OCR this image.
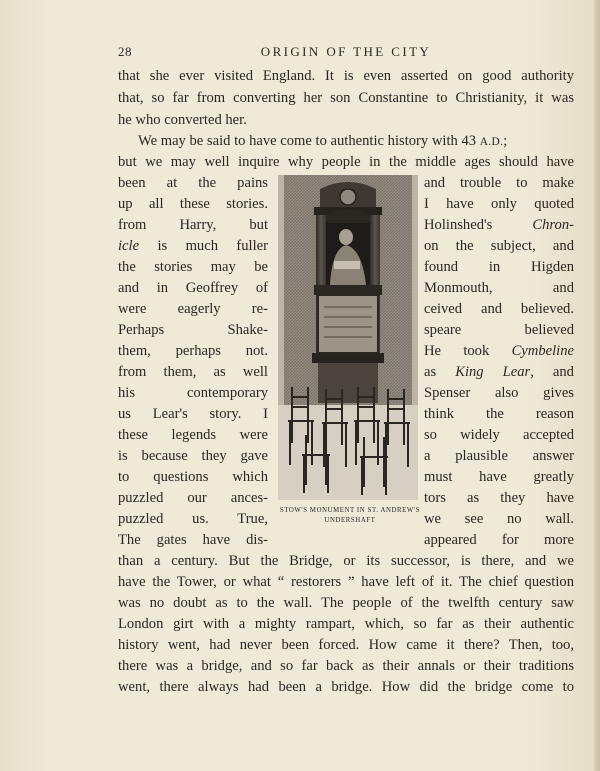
28	ORIGIN OF THE CITY
that she ever visited England. It is even asserted on good authority
that, so far from converting her son Constantine to Christianity, it was
he who converted her.
We may be said to have come to authentic history with 43 A.D.;
but we may well inquire why people in the middle ages should have
been at the pains
up all these stories.
from Harry, but
icle is much fuller
the stories may be
and in Geoffrey of
were eagerly re-
Perhaps Shake-
them, perhaps not.
from them, as well
his contemporary
us Lear's story. I
these legends were
is because they gave
to questions which
puzzled our ances-
puzzled us. True,
The gates have dis-
and trouble to make
I have only quoted
Holinshed's	Chron-
on the subject, and
found in Higden
Monmouth, and
ceived and believed.
speare believed
He took Cymbeline
as King Lear, and
Spenser also gives
think the reason
so widely accepted
a plausible answer
must have greatly
tors as they have
we see no wall.
appeared for more
STOW'S MONUMENT IN ST. ANDREW'S
UNDERSHAFT
than a century. But the Bridge, or its successor, is there, and we
have the Tower, or what “ restorers ” have left of it. The chief question
was no doubt as to the wall. The people of the twelfth century saw
London girt with a mighty rampart, which, so far as their authentic
history went, had never been forced. How came it there? Then, too,
there was a bridge, and so far back as their annals or their traditions
went, there always had been a bridge. How did the bridge come to
